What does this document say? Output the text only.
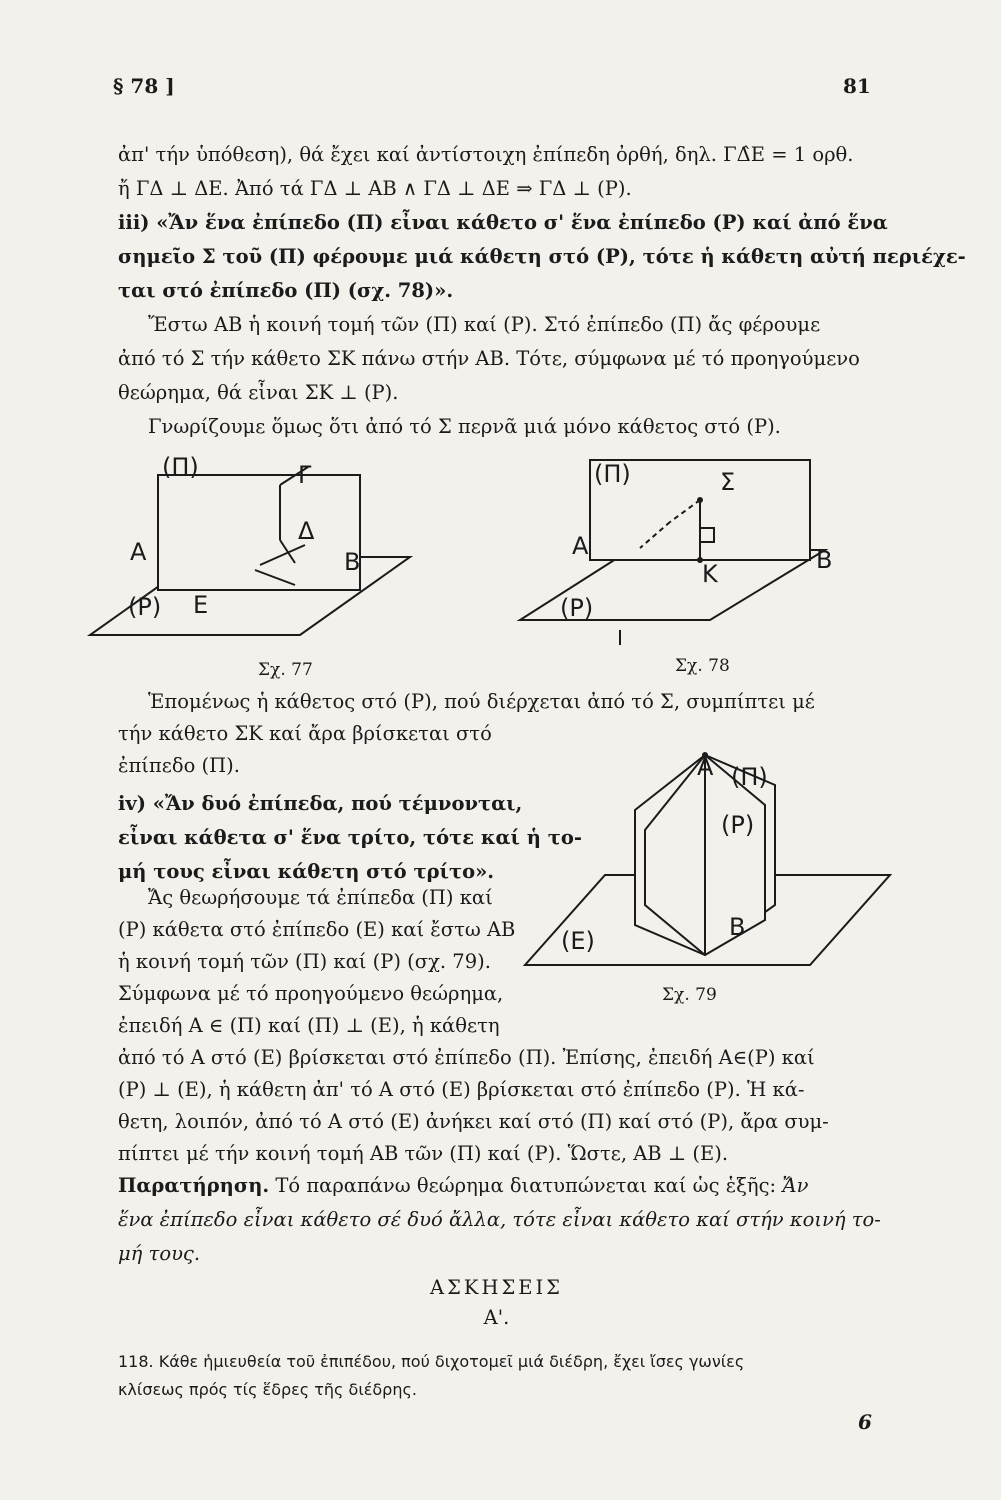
§ 78 ]	81
ἀπ' τήν ὑπόθεση), θά ἔχει καί ἀντίστοιχη ἐπίπεδη ὀρθή, δηλ. ΓΔ̂Ε = 1 ορθ.
ἤ ΓΔ ⊥ ΔΕ. Ἀπό τά ΓΔ ⊥ ΑΒ ∧ ΓΔ ⊥ ΔΕ ⇒ ΓΔ ⊥ (Ρ).
iii) «Ἄν ἕνα ἐπίπεδο (Π) εἶναι κάθετο σ' ἕνα ἐπίπεδο (Ρ) καί ἀπό ἕνα
σημεῖο Σ τοῦ (Π) φέρουμε μιά κάθετη στό (Ρ), τότε ἡ κάθετη αὐτή περιέχε-
ται στό ἐπίπεδο (Π) (σχ. 78)».
Ἔστω ΑΒ ἡ κοινή τομή τῶν (Π) καί (Ρ). Στό ἐπίπεδο (Π) ἄς φέρουμε
ἀπό τό Σ τήν κάθετο ΣΚ πάνω στήν ΑΒ. Τότε, σύμφωνα μέ τό προηγούμενο
θεώρημα, θά εἶναι ΣΚ ⊥ (Ρ).
Γνωρίζουμε ὅμως ὅτι ἀπό τό Σ περνᾶ μιά μόνο κάθετος στό (Ρ).
(Π)	Γ
Δ
Α	Β
(Ρ) Ε
Σχ. 77
(Π)	Σ
Α
Κ	Β
(Ρ)
Σχ. 78
Ἑπομένως ἡ κάθετος στό (Ρ), πού διέρχεται ἀπό τό Σ, συμπίπτει μέ
τήν κάθετο ΣΚ καί ἄρα βρίσκεται στό
ἐπίπεδο (Π).
iv) «Ἄν δυό ἐπίπεδα, πού τέμνονται,
εἶναι κάθετα σ' ἕνα τρίτο, τότε καί ἡ το-
μή τους εἶναι κάθετη στό τρίτο».
Ἄς θεωρήσουμε τά ἐπίπεδα (Π) καί
(Ρ) κάθετα στό ἐπίπεδο (Ε) καί ἔστω ΑΒ
ἡ κοινή τομή τῶν (Π) καί (Ρ) (σχ. 79).
Σύμφωνα μέ τό προηγούμενο θεώρημα,
ἐπειδή Α ∈ (Π) καί (Π) ⊥ (Ε), ἡ κάθετη
ἀπό τό Α στό (Ε) βρίσκεται στό ἐπίπεδο (Π). Ἐπίσης, ἐπειδή Α∈(Ρ) καί
(Ρ) ⊥ (Ε), ἡ κάθετη ἀπ' τό Α στό (Ε) βρίσκεται στό ἐπίπεδο (Ρ). Ἡ κά-
θετη, λοιπόν, ἀπό τό Α στό (Ε) ἀνήκει καί στό (Π) καί στό (Ρ), ἄρα συμ-
πίπτει μέ τήν κοινή τομή ΑΒ τῶν (Π) καί (Ρ). Ὥστε, ΑΒ ⊥ (Ε).
Α (Π)
(Ρ)
(Ε)	Β
Σχ. 79
Παρατήρηση. Τό παραπάνω θεώρημα διατυπώνεται καί ὡς ἑξῆς: Ἄν
ἕνα ἐπίπεδο εἶναι κάθετο σέ δυό ἄλλα, τότε εἶναι κάθετο καί στήν κοινή το-
μή τους.
ΑΣΚΗΣΕΙΣ
Α'.
118. Κάθε ἡμιευθεία τοῦ ἐπιπέδου, πού διχοτομεῖ μιά διέδρη, ἔχει ἴσες γωνίες
κλίσεως πρός τίς ἕδρες τῆς διέδρης.
6
